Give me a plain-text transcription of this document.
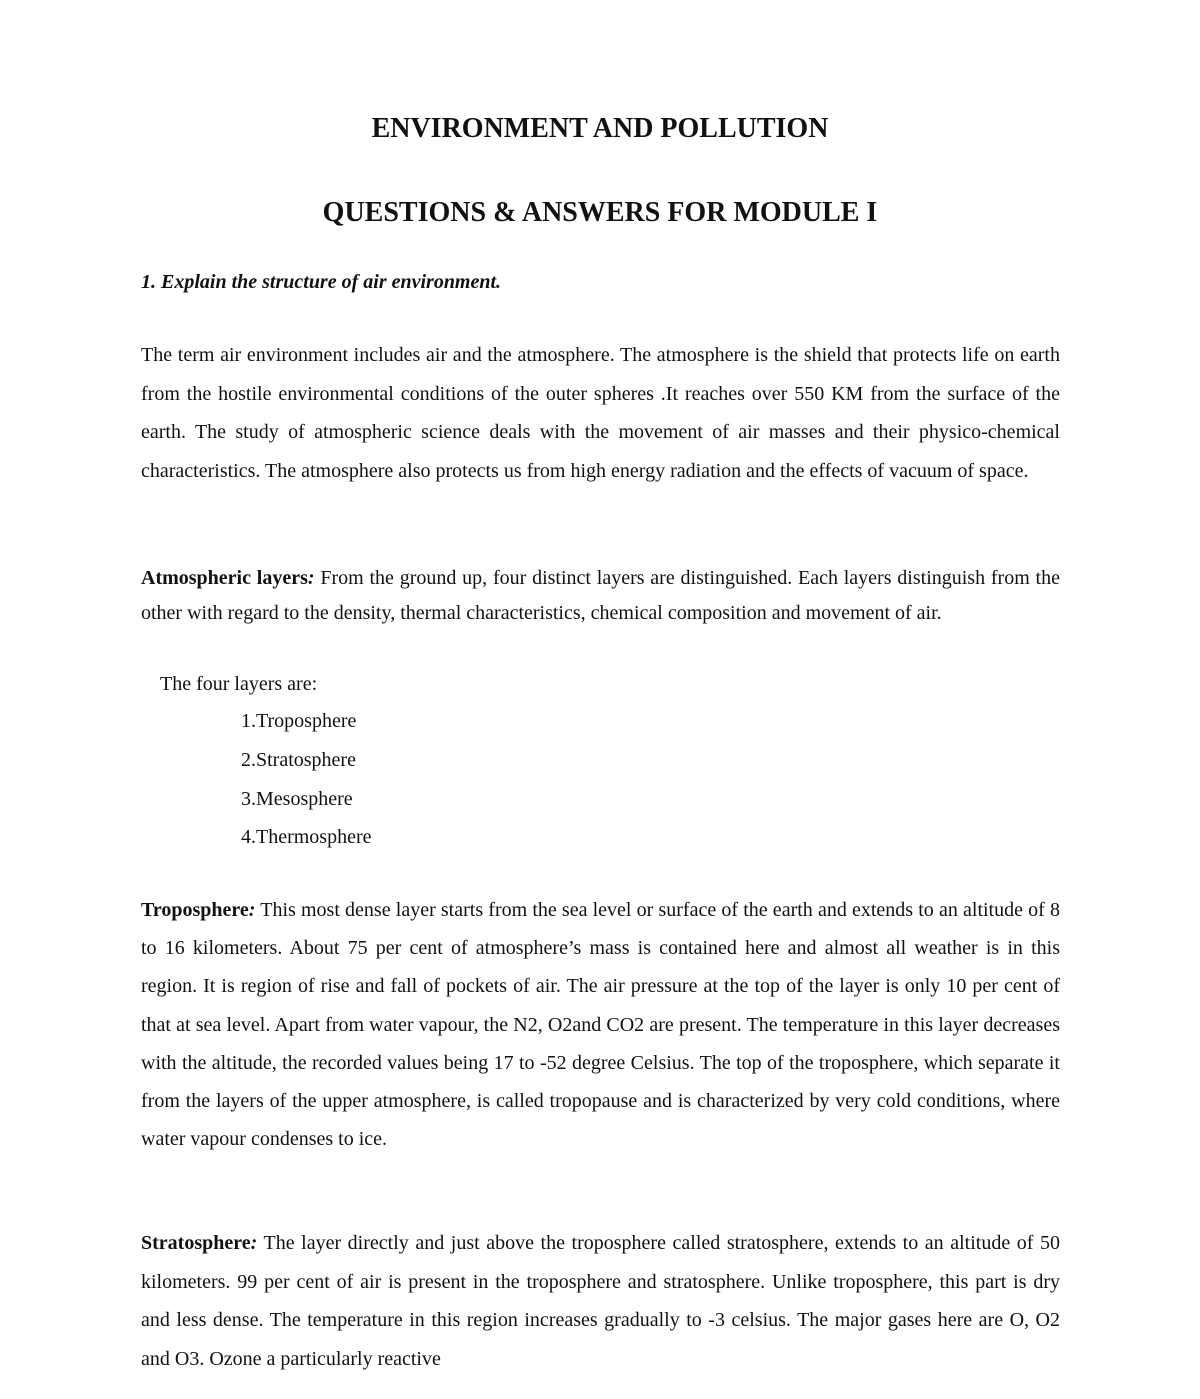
ENVIRONMENT AND POLLUTION
QUESTIONS & ANSWERS FOR MODULE I

1. Explain the structure of air environment.

The term air environment includes air and the atmosphere. The atmosphere is the shield that protects life on earth from the hostile environmental conditions of the outer spheres .It reaches over 550 KM from the surface of the earth. The study of atmospheric science deals with the movement of air masses and their physico-chemical characteristics. The atmosphere also protects us from high energy radiation and the effects of vacuum of space.

Atmospheric layers: From the ground up, four distinct layers are distinguished. Each layers distinguish from the other with regard to the density, thermal characteristics, chemical composition and movement of air.

The four layers are:

1.Troposphere
2.Stratosphere
3.Mesosphere
4.Thermosphere

Troposphere: This most dense layer starts from the sea level or surface of the earth and extends to an altitude of 8 to 16 kilometers. About 75 per cent of atmosphere’s mass is contained here and almost all weather is in this region. It is region of rise and fall of pockets of air. The air pressure at the top of the layer is only 10 per cent of that at sea level. Apart from water vapour, the N2, O2and CO2 are present. The temperature in this layer decreases with the altitude, the recorded values being 17 to -52 degree Celsius. The top of the troposphere, which separate it from the layers of the upper atmosphere, is called tropopause and is characterized by very cold conditions, where water vapour condenses to ice.

Stratosphere: The layer directly and just above the troposphere called stratosphere, extends to an altitude of 50 kilometers. 99 per cent of air is present in the troposphere and stratosphere. Unlike troposphere, this part is dry and less dense. The temperature in this region increases gradually to -3 celsius. The major gases here are O, O2 and O3. Ozone a particularly reactive
